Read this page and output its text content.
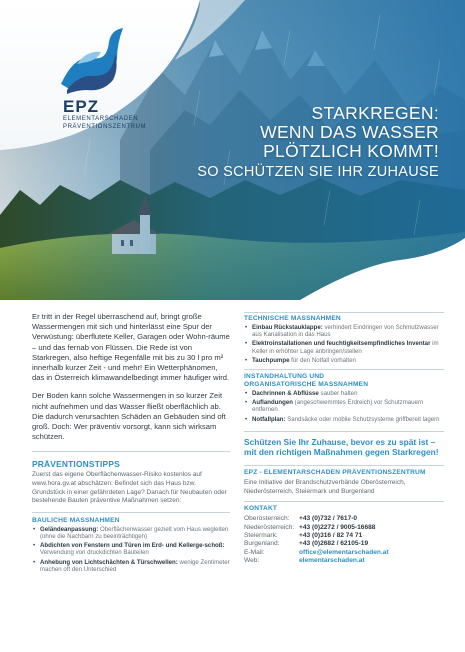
EPZ
ELEMENTARSCHADEN
PRÄVENTIONSZENTRUM
STARKREGEN:
WENN DAS WASSER
PLÖTZLICH KOMMT!
SO SCHÜTZEN SIE IHR ZUHAUSE

Er tritt in der Regel überraschend auf, bringt große Wassermengen mit sich und hinterlässt eine Spur der Verwüstung: überflutete Keller, Garagen oder Wohn-räume – und das fernab von Flüssen. Die Rede ist von Starkregen, also heftige Regenfälle mit bis zu 30 l pro m² innerhalb kurzer Zeit - und mehr! Ein Wetterphänomen, das in Österreich klimawandelbedingt immer häufiger wird.

Der Boden kann solche Wassermengen in so kurzer Zeit nicht aufnehmen und das Wasser fließt oberflächlich ab. Die dadurch verursachten Schäden an Gebäuden sind oft groß. Doch: Wer präventiv vorsorgt, kann sich wirksam schützen.

PRÄVENTIONSTIPPS
Zuerst das eigene Oberflächenwasser-Risiko kostenlos auf www.hora.gv.at abschätzen: Befindet sich das Haus bzw. Grundstück in einer gefährdeten Lage? Danach für Neubauten oder bestehende Bauten präventive Maßnahmen setzen:
BAULICHE MASSNAHMEN
• Geländeanpassung: Oberflächenwasser gezielt vom Haus wegleiten (ohne die Nachbarn zu beeinträchtigen)
• Abdichten von Fenstern und Türen im Erd- und Kellerge-schoß: Verwendung von druckdichten Bauteilen
• Anhebung von Lichtschächten & Türschwellen: wenige Zentimeter machen oft den Unterschied
TECHNISCHE MASSNAHMEN
• Einbau Rückstauklappe: verhindert Eindringen von Schmutzwasser aus Kanalisation in das Haus
• Elektroinstallationen und feuchtigkeitsempfindliches Inventar im Keller in erhöhter Lage anbringen/stellen
• Tauchpumpe für den Notfall vorhalten
INSTANDHALTUNG UND
ORGANISATORISCHE MASSNAHMEN
• Dachrinnen & Abflüsse sauber halten
• Auflandungen (angeschwemmtes Erdreich) vor Schutzmauern entfernen
• Notfallplan: Sandsäcke oder mobile Schutzsysteme griffbereit lagern
Schützen Sie Ihr Zuhause, bevor es zu spät ist – mit den richtigen Maßnahmen gegen Starkregen!
EPZ - ELEMENTARSCHADEN PRÄVENTIONSZENTRUM
Eine Initiative der Brandschutzverbände Oberösterreich, Niederösterreich, Steiermark und Burgenland
KONTAKT
Oberösterreich:	+43 (0)732 / 7617-0
Niederösterreich: +43 (0)2272 / 9005-16688
Steiermark:	+43 (0)316 / 82 74 71
Burgenland:	+43 (0)2682 / 62105-19
E-Mail:	office@elementarschaden.at
Web:	elementarschaden.at
